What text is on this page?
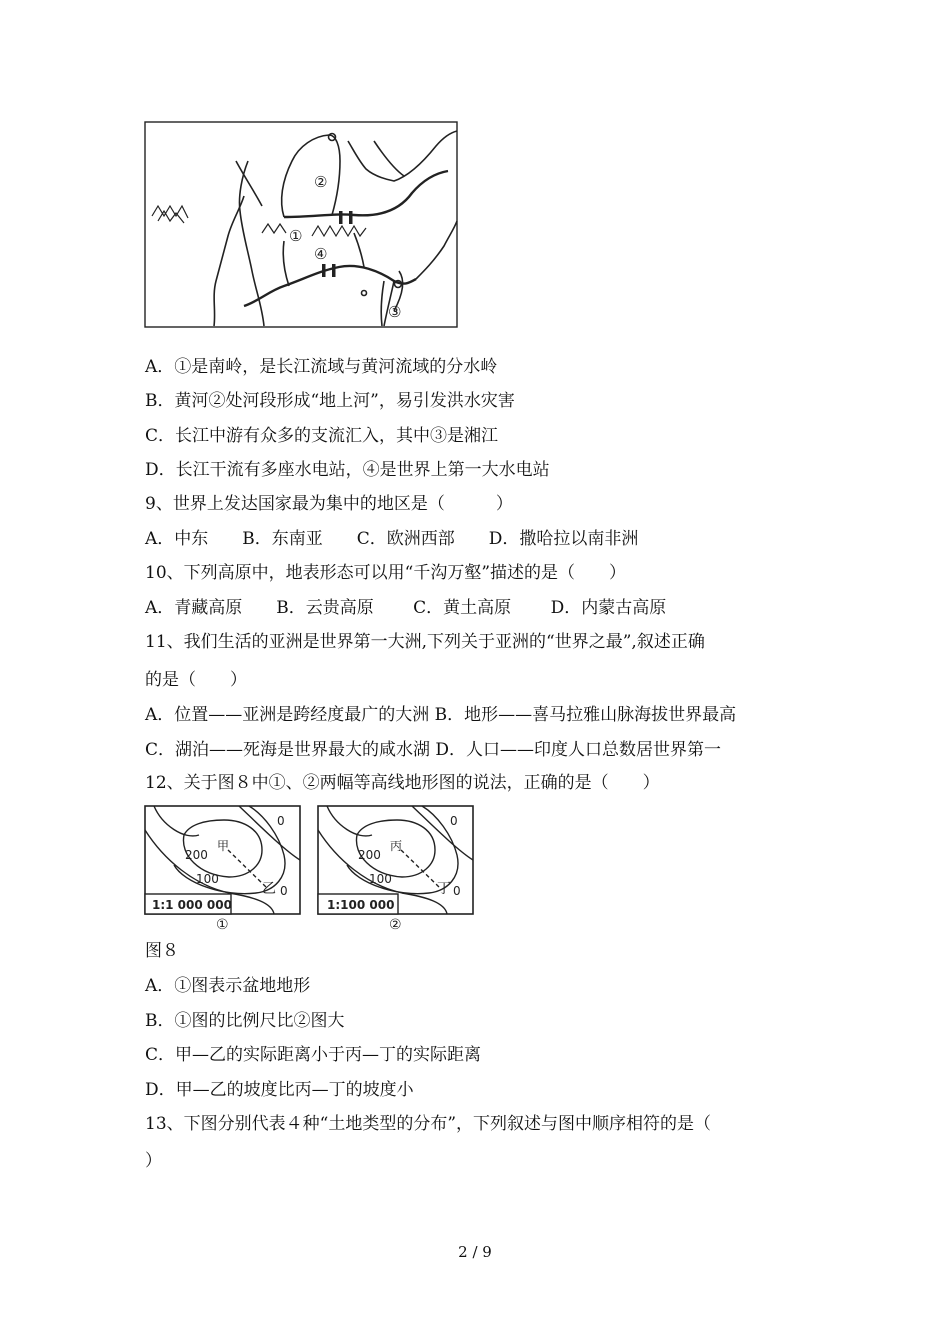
①
②
③
④
A．①是南岭，是长江流域与黄河流域的分水岭
B．黄河②处河段形成“地上河”，易引发洪水灾害
C．长江中游有众多的支流汇入，其中③是湘江
D．长江干流有多座水电站，④是世界上第一大水电站
9、世界上发达国家最为集中的地区是（　　　）
A．中东　　B．东南亚　　C．欧洲西部　　D．撒哈拉以南非洲
10、下列高原中，地表形态可以用“千沟万壑”描述的是（　　）
A．青藏高原　　B．云贵高原　　 C．黄土高原　　 D．内蒙古高原
11、我们生活的亚洲是世界第一大洲,下列关于亚洲的“世界之最”,叙述正确
的是（　　）
A．位置——亚洲是跨经度最广的大洲 B．地形——喜马拉雅山脉海拔世界最高
C．湖泊——死海是世界最大的咸水湖 D．人口——印度人口总数居世界第一
12、关于图８中①、②两幅等高线地形图的说法，正确的是（　　）
1:1 000 000
0
100
200
甲
乙 0
①
1:100 000
0
100
200
丙
丁 0
②
图８
A．①图表示盆地地形
B．①图的比例尺比②图大
C．甲—乙的实际距离小于丙—丁的实际距离
D．甲—乙的坡度比丙—丁的坡度小
13、下图分别代表４种“土地类型的分布”，下列叙述与图中顺序相符的是（
）
2 / 9
